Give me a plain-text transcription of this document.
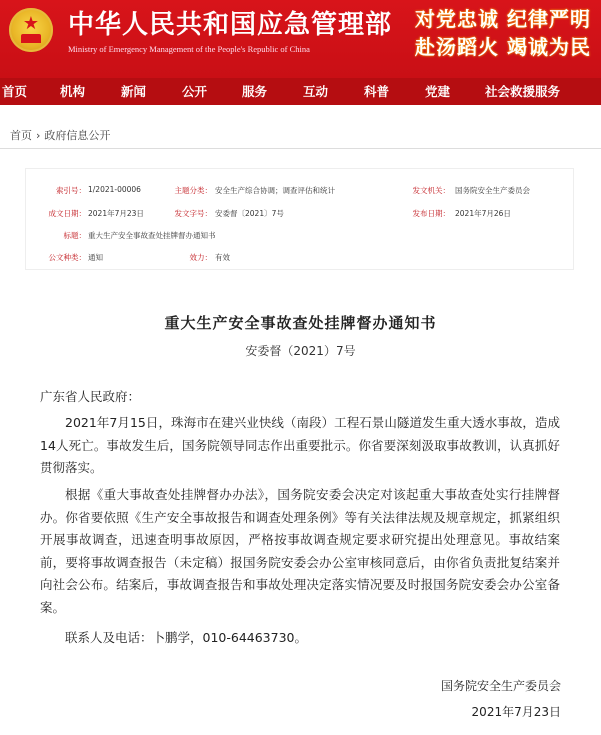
★	中华人民共和国应急管理部
Ministry of Emergency Management of the People's Republic of China
对党忠诚 纪律严明
赴汤蹈火 竭诚为民
首页	机构	新闻	公开	服务	互动	科普	党建	社会救援服务
首页 › 政府信息公开
索引号： 1/2021-00006	主题分类： 安全生产综合协调；调查评估和统计	发文机关： 国务院安全生产委员会
成文日期： 2021年7月23日	发文字号： 安委督〔2021〕7号	发布日期： 2021年7月26日
标题： 重大生产安全事故查处挂牌督办通知书
公文种类： 通知	效力： 有效
重大生产安全事故查处挂牌督办通知书
安委督（2021）7号
广东省人民政府：
2021年7月15日，珠海市在建兴业快线（南段）工程石景山隧道发生重大透水事故，造成14人死亡。事故发生后，国务院领导同志作出重要批示。你省要深刻汲取事故教训，认真抓好贯彻落实。
根据《重大事故查处挂牌督办办法》，国务院安委会决定对该起重大事故查处实行挂牌督办。你省要依照《生产安全事故报告和调查处理条例》等有关法律法规及规章规定，抓紧组织开展事故调查，迅速查明事故原因，严格按事故调查规定要求研究提出处理意见。事故结案前，要将事故调查报告（未定稿）报国务院安委会办公室审核同意后，由你省负责批复结案并向社会公布。结案后，事故调查报告和事故处理决定落实情况要及时报国务院安委会办公室备案。
联系人及电话：卜鹏学，010-64463730。
国务院安全生产委员会
2021年7月23日
